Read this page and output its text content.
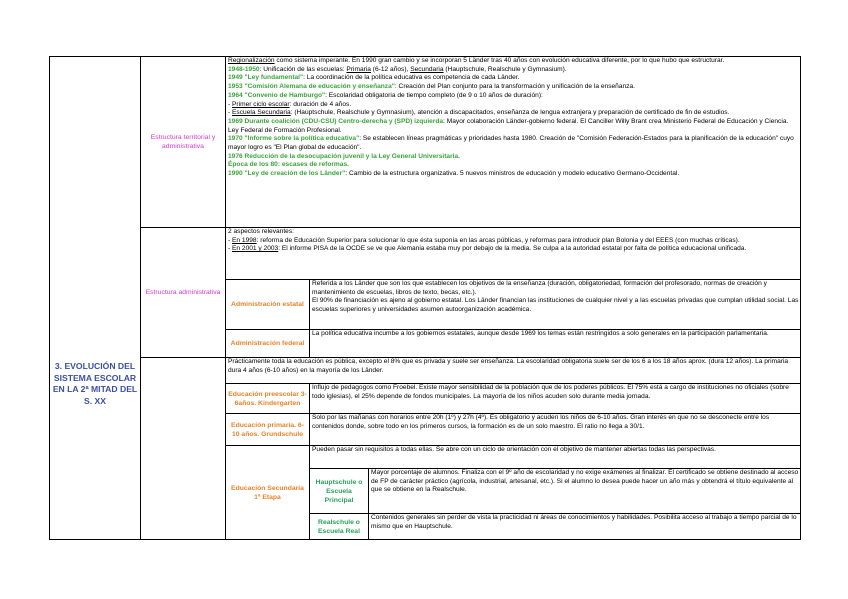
3. EVOLUCIÓN DEL SISTEMA ESCOLAR EN LA 2ª MITAD DEL S. XX
Estructura territorial y administrativa

Regionalización como sistema imperante. En 1990 gran cambio y se incorporan 5 Länder tras 40 años con evolución educativa diferente, por lo que hubo que estructurar.

1948-1950: Unificación de las escuelas: Primaria (6-12 años), Secundaria (Hauptschule, Realschule y Gymnasium).

1949 "Ley fundamental": La coordinación de la política educativa es competencia de cada Länder.

1953 "Comisión Alemana de educación y enseñanza": Creación del Plan conjunto para la transformación y unificación de la enseñanza.

1964 "Convenio de Hamburgo": Escolaridad obligatoria de tiempo completo (de 9 o 10 años de duración):

- Primer ciclo escolar: duración de 4 años.

- Escuela Secundaria: (Hauptschule, Realschule y Gymnasium), atención a discapacitados, enseñanza de lengua extranjera y preparación de certificado de fin de estudios.

1969 Durante coalición (CDU-CSU) Centro-derecha y (SPD) izquierda: Mayor colaboración Länder-gobierno federal. El Canciller Willy Brant crea Ministerio Federal de Educación y Ciencia. Ley Federal de Formación Profesional.

1970 "Informe sobre la política educativa": Se establecen líneas pragmáticas y prioridades hasta 1980. Creación de "Comisión Federación-Estados para la planificación de la educación" cuyo mayor logro es "El Plan global de educación".

1976 Reducción de la desocupación juvenil y la Ley General Universitaria.

Época de los 80: escases de reformas.

1990 "Ley de creación de los Länder": Cambio de la estructura organizativa. 5 nuevos ministros de educación y modelo educativo Germano-Occidental.

Estructura administrativa

2 aspectos relevantes:

- En 1998: reforma de Educación Superior para solucionar lo que ésta suponía en las arcas públicas, y reformas para introducir plan Bolonia y del EEES (con muchas críticas).

- En 2001 y 2003: El informe PISA de la OCDE se ve que Alemania estaba muy por debajo de la media. Se culpa a la autoridad estatal por falta de política educacional unificada.

Administración estatal

Referida a los Länder que son los que establecen los objetivos de la enseñanza (duración, obligatoriedad, formación del profesorado, normas de creación y mantenimiento de escuelas, libros de texto, becas, etc.).

El 90% de financiación es ajeno al gobierno estatal. Los Länder financian las instituciones de cualquier nivel y a las escuelas privadas que cumplan utilidad social. Las escuelas superiores y universidades asumen autoorganización académica.

Administración federal
La política educativa incumbe a los gobiernos estatales, aunque desde 1969 los temas están restringidos a solo generales en la participación parlamentaria.
Prácticamente toda la educación es pública, excepto el 8% que es privada y suele ser enseñanza. La escolaridad obligatoria suele ser de los 6 a los 18 años aprox. (dura 12 años). La primaria dura 4 años (6-10 años) en la mayoría de los Länder.
Educación preescolar 3-6años. Kindergarten
Influjo de pedagogos como Froebel. Existe mayor sensibilidad de la población que de los poderes públicos. El 75% está a cargo de instituciones no oficiales (sobre todo iglesias), el 25% depende de fondos municipales. La mayoría de los niños acuden solo durante media jornada.
Educación primaria. 6-10 años. Grundschule
Solo por las mañanas con horarios entre 20h (1º) y 27h (4º). Es obligatorio y acuden los niños de 6-10 años. Gran interés en que no se desconecte entre los contenidos donde, sobre todo en los primeros cursos, la formación es de un solo maestro. El ratio no llega a 30/1.
Educación Secundaria 1ª Etapa
Pueden pasar sin requisitos a todas ellas. Se abre con un ciclo de orientación con el objetivo de mantener abiertas todas las perspectivas.
Hauptschule o Escuela Principal
Mayor porcentaje de alumnos. Finaliza con el 9º año de escolaridad y no exige exámenes al finalizar. El certificado se obtiene destinado al acceso de FP de carácter práctico (agrícola, industrial, artesanal, etc.). Si el alumno lo desea puede hacer un año más y obtendrá el título equivalente al que se obtiene en la Realschule.
Realschule o Escuela Real
Contenidos generales sin perder de vista la practicidad ni áreas de conocimientos y habilidades. Posibilita acceso al trabajo a tiempo parcial de lo mismo que en Hauptschule.
